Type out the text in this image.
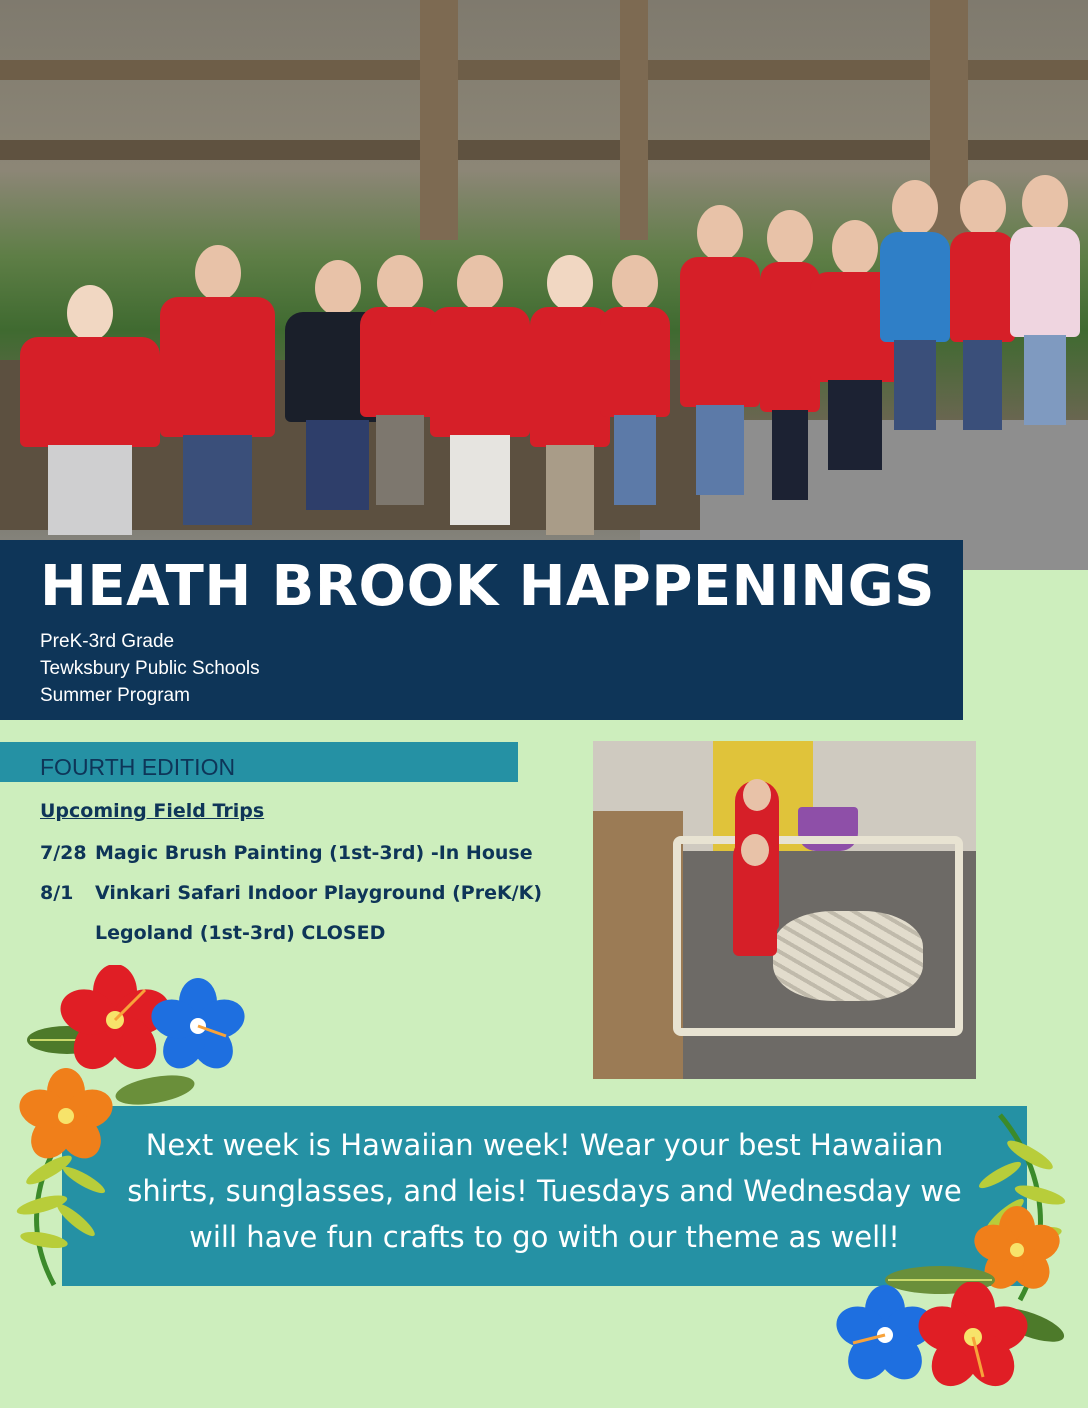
HEATH BROOK HAPPENINGS
PreK-3rd Grade
Tewksbury Public Schools
Summer Program
FOURTH EDITION
Upcoming Field Trips
7/28 Magic Brush Painting (1st-3rd) -In House
8/1 Vinkari Safari Indoor Playground (PreK/K)
Legoland (1st-3rd) CLOSED

Next week is Hawaiian week! Wear your best Hawaiian shirts, sunglasses, and leis! Tuesdays and Wednesday we will have fun crafts to go with our theme as well!
